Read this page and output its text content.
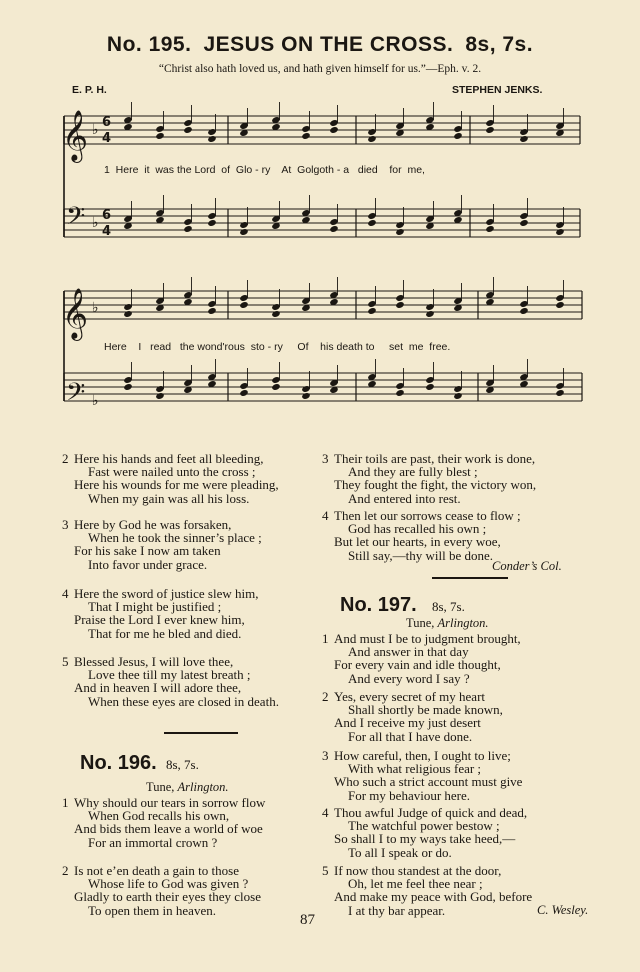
No. 195. JESUS ON THE CROSS. 8s, 7s.
“Christ also hath loved us, and hath given himself for us.”—Eph. v. 2.
E. P. H.	STEPHEN JENKS.
𝄞
𝄞
𝄢
𝄢
♭
♭
♭
♭
6
4
6
4
1  Here  it  was the Lord  of  Glo - ry    At  Golgoth - a   died    for  me,
Here    I   read   the wond'rous  sto - ry     Of    his death to     set  me  free.
2 Here his hands and feet all bleeding,
Fast were nailed unto the cross ;
Here his wounds for me were pleading,
When my gain was all his loss.
3 Here by God he was forsaken,
When he took the sinner’s place ;
For his sake I now am taken
Into favor under grace.
4 Here the sword of justice slew him,
That I might be justified ;
Praise the Lord I ever knew him,
That for me he bled and died.
5 Blessed Jesus, I will love thee,
Love thee till my latest breath ;
And in heaven I will adore thee,
When these eyes are closed in death.
No. 196. 8s, 7s.
Tune, Arlington.
1 Why should our tears in sorrow flow
When God recalls his own,
And bids them leave a world of woe
For an immortal crown ?
2 Is not e’en death a gain to those
Whose life to God was given ?
Gladly to earth their eyes they close
To open them in heaven.
3 Their toils are past, their work is done,
And they are fully blest ;
They fought the fight, the victory won,
And entered into rest.
4 Then let our sorrows cease to flow ;
God has recalled his own ;
But let our hearts, in every woe,
Still say,—thy will be done.
Conder’s Col.
No. 197. 8s, 7s.
Tune, Arlington.
1 And must I be to judgment brought,
And answer in that day
For every vain and idle thought,
And every word I say ?
2 Yes, every secret of my heart
Shall shortly be made known,
And I receive my just desert
For all that I have done.
3 How careful, then, I ought to live;
With what religious fear ;
Who such a strict account must give
For my behaviour here.
4 Thou awful Judge of quick and dead,
The watchful power bestow ;
So shall I to my ways take heed,—
To all I speak or do.
5 If now thou standest at the door,
Oh, let me feel thee near ;
And make my peace with God, before
I at thy bar appear.	C. Wesley.
87
